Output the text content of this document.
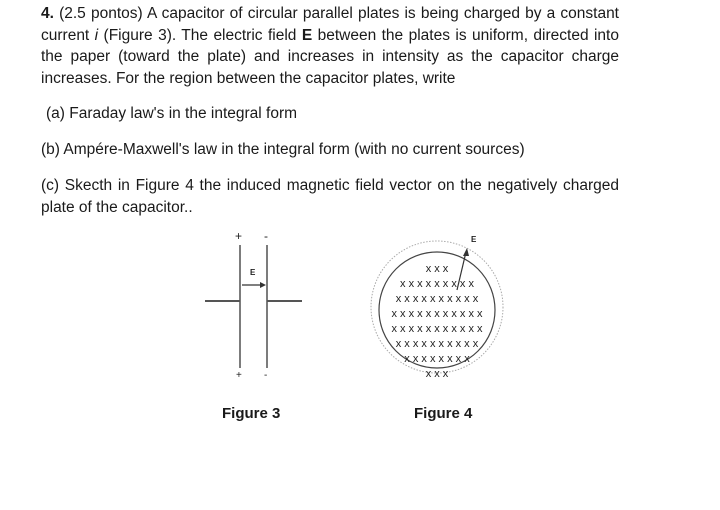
4. (2.5 pontos) A capacitor of circular parallel plates is being charged by a constant current i (Figure 3). The electric field E between the plates is uniform, directed into the paper (toward the plate) and increases in intensity as the capacitor charge increases. For the region between the capacitor plates, write

(a) Faraday law's in the integral form

(b) Ampére-Maxwell's law in the integral form (with no current sources)

(c) Skecth in Figure 4 the induced magnetic field vector on the negatively charged plate of the capacitor..

+ -
E
+ -
E
x x x
x x x x x x x x x
x x x x x x x x x x
x x x x x x x x x x x
x x x x x x x x x x x
x x x x x x x x x x
x x x x x x x x
x x x
Figure 3	Figure 4
